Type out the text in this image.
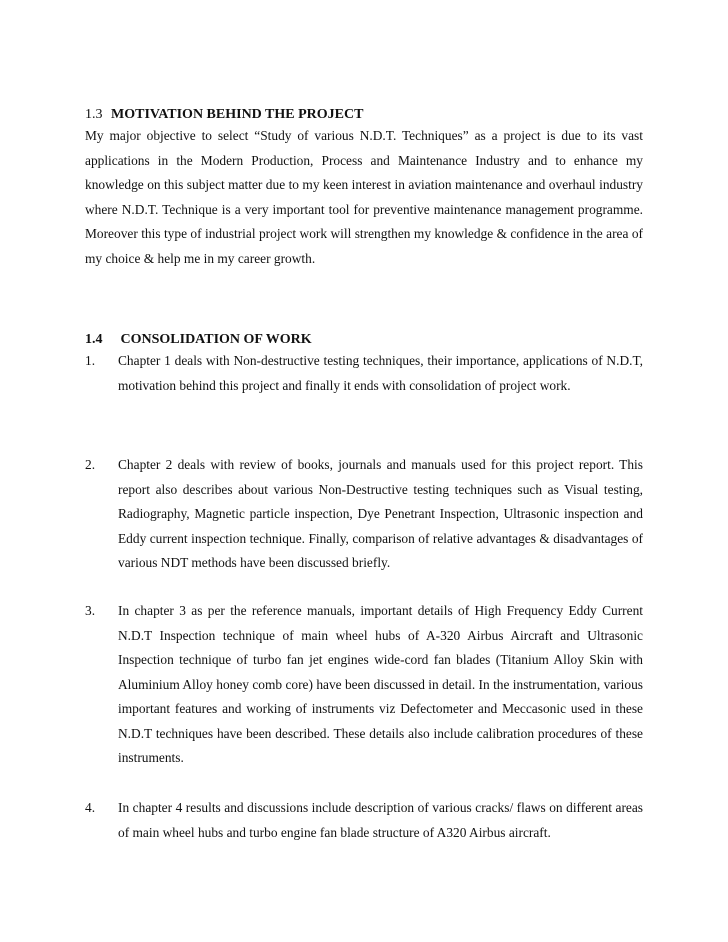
1.3 MOTIVATION BEHIND THE PROJECT
My major objective to select “Study of various N.D.T. Techniques” as a project is due to its vast applications in the Modern Production, Process and Maintenance Industry and to enhance my knowledge on this subject matter due to my keen interest in aviation maintenance and overhaul industry where N.D.T. Technique is a very important tool for preventive maintenance management programme. Moreover this type of industrial project work will strengthen my knowledge & confidence in the area of my choice & help me in my career growth.
1.4 CONSOLIDATION OF WORK
1. Chapter 1 deals with Non-destructive testing techniques, their importance, applications of N.D.T, motivation behind this project and finally it ends with consolidation of project work.
2. Chapter 2 deals with review of books, journals and manuals used for this project report. This report also describes about various Non-Destructive testing techniques such as Visual testing, Radiography, Magnetic particle inspection, Dye Penetrant Inspection, Ultrasonic inspection and Eddy current inspection technique. Finally, comparison of relative advantages & disadvantages of various NDT methods have been discussed briefly.
3. In chapter 3 as per the reference manuals, important details of High Frequency Eddy Current N.D.T Inspection technique of main wheel hubs of A-320 Airbus Aircraft and Ultrasonic Inspection technique of turbo fan jet engines wide-cord fan blades (Titanium Alloy Skin with Aluminium Alloy honey comb core) have been discussed in detail. In the instrumentation, various important features and working of instruments viz Defectometer and Meccasonic used in these N.D.T techniques have been described. These details also include calibration procedures of these instruments.
4. In chapter 4 results and discussions include description of various cracks/ flaws on different areas of main wheel hubs and turbo engine fan blade structure of A320 Airbus aircraft.
